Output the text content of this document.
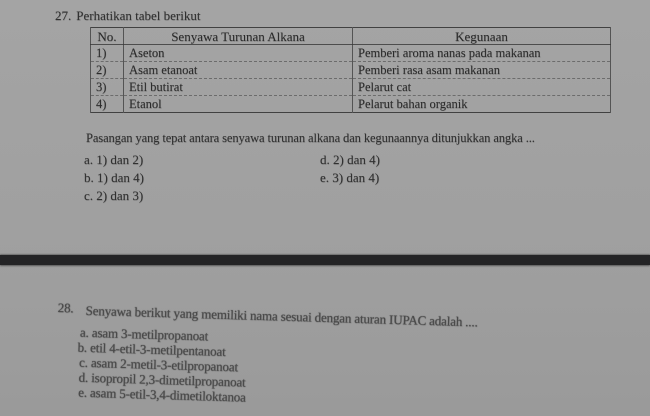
27. Perhatikan tabel berikut
No.	Senyawa Turunan Alkana	Kegunaan
1)	Aseton	Pemberi aroma nanas pada makanan
2)	Asam etanoat	Pemberi rasa asam makanan
3)	Etil butirat	Pelarut cat
4)	Etanol	Pelarut bahan organik
Pasangan yang tepat antara senyawa turunan alkana dan kegunaannya ditunjukkan angka ...
a. 1) dan 2)
b. 1) dan 4)
c. 2) dan 3)
d. 2) dan 4)
e. 3) dan 4)
28. Senyawa berikut yang memiliki nama sesuai dengan aturan IUPAC adalah ....
a. asam 3-metilpropanoat
b. etil 4-etil-3-metilpentanoat
c. asam 2-metil-3-etilpropanoat
d. isopropil 2,3-dimetilpropanoat
e. asam 5-etil-3,4-dimetiloktanoa
